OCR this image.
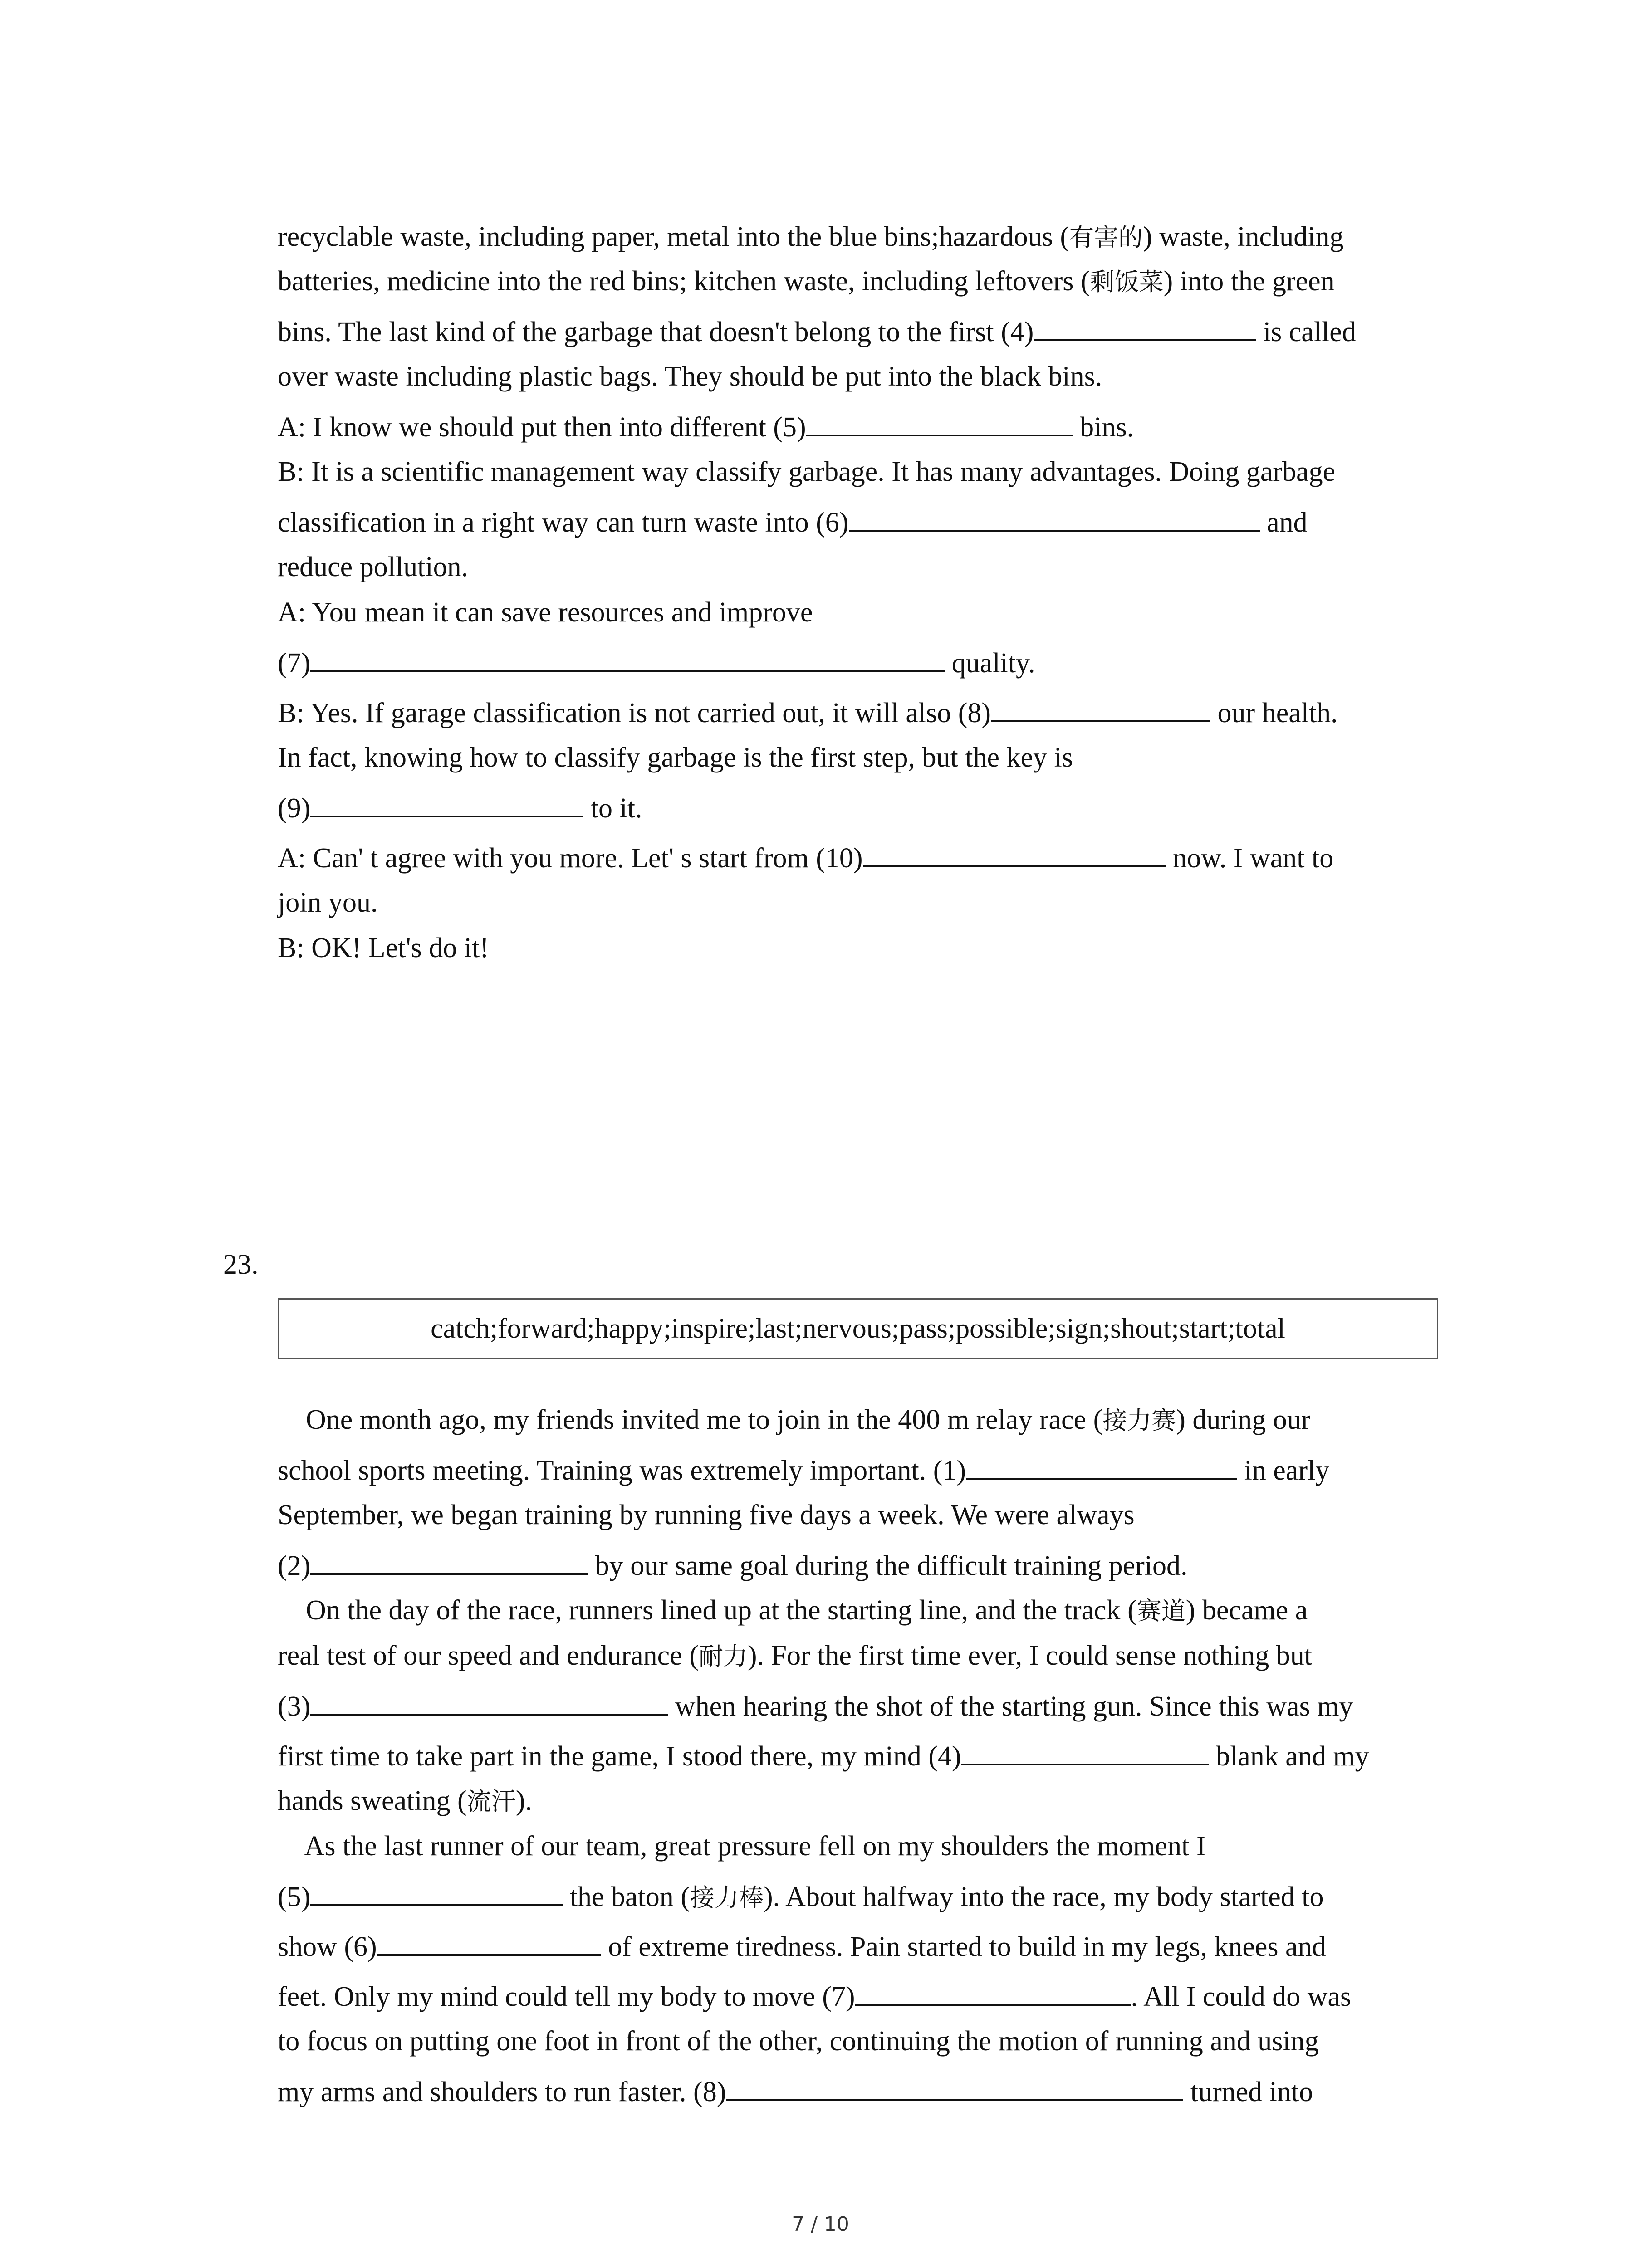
recyclable waste, including paper, metal into the blue bins;hazardous (有害的) waste, including

batteries, medicine into the red bins; kitchen waste, including leftovers (剩饭菜) into the green

bins. The last kind of the garbage that doesn't belong to the first (4)	is called

over waste including plastic bags. They should be put into the black bins.

A: I know we should put then into different (5)	bins.

B: It is a scientific management way classify garbage. It has many advantages. Doing garbage

classification in a right way can turn waste into (6)	and

reduce pollution.

A: You mean it can save resources and improve

(7)	quality.

B: Yes. If garage classification is not carried out, it will also (8)	our health.

In fact, knowing how to classify garbage is the first step, but the key is

(9)	to it.

A: Can' t agree with you more. Let' s start from (10)	now. I want to

join you.

B: OK! Let's do it!

23.
catch;forward;happy;inspire;last;nervous;pass;possible;sign;shout;start;total

One month ago, my friends invited me to join in the 400 m relay race (接力赛) during our

school sports meeting. Training was extremely important. (1)	in early

September, we began training by running five days a week. We were always

(2)	by our same goal during the difficult training period.

On the day of the race, runners lined up at the starting line, and the track (赛道) became a

real test of our speed and endurance (耐力). For the first time ever, I could sense nothing but

(3)	when hearing the shot of the starting gun. Since this was my

first time to take part in the game, I stood there, my mind (4)	blank and my

hands sweating (流汗).

As the last runner of our team, great pressure fell on my shoulders the moment I

(5)	the baton (接力棒). About halfway into the race, my body started to

show (6)	of extreme tiredness. Pain started to build in my legs, knees and

feet. Only my mind could tell my body to move (7)	. All I could do was

to focus on putting one foot in front of the other, continuing the motion of running and using

my arms and shoulders to run faster. (8)	turned into

7 / 10
